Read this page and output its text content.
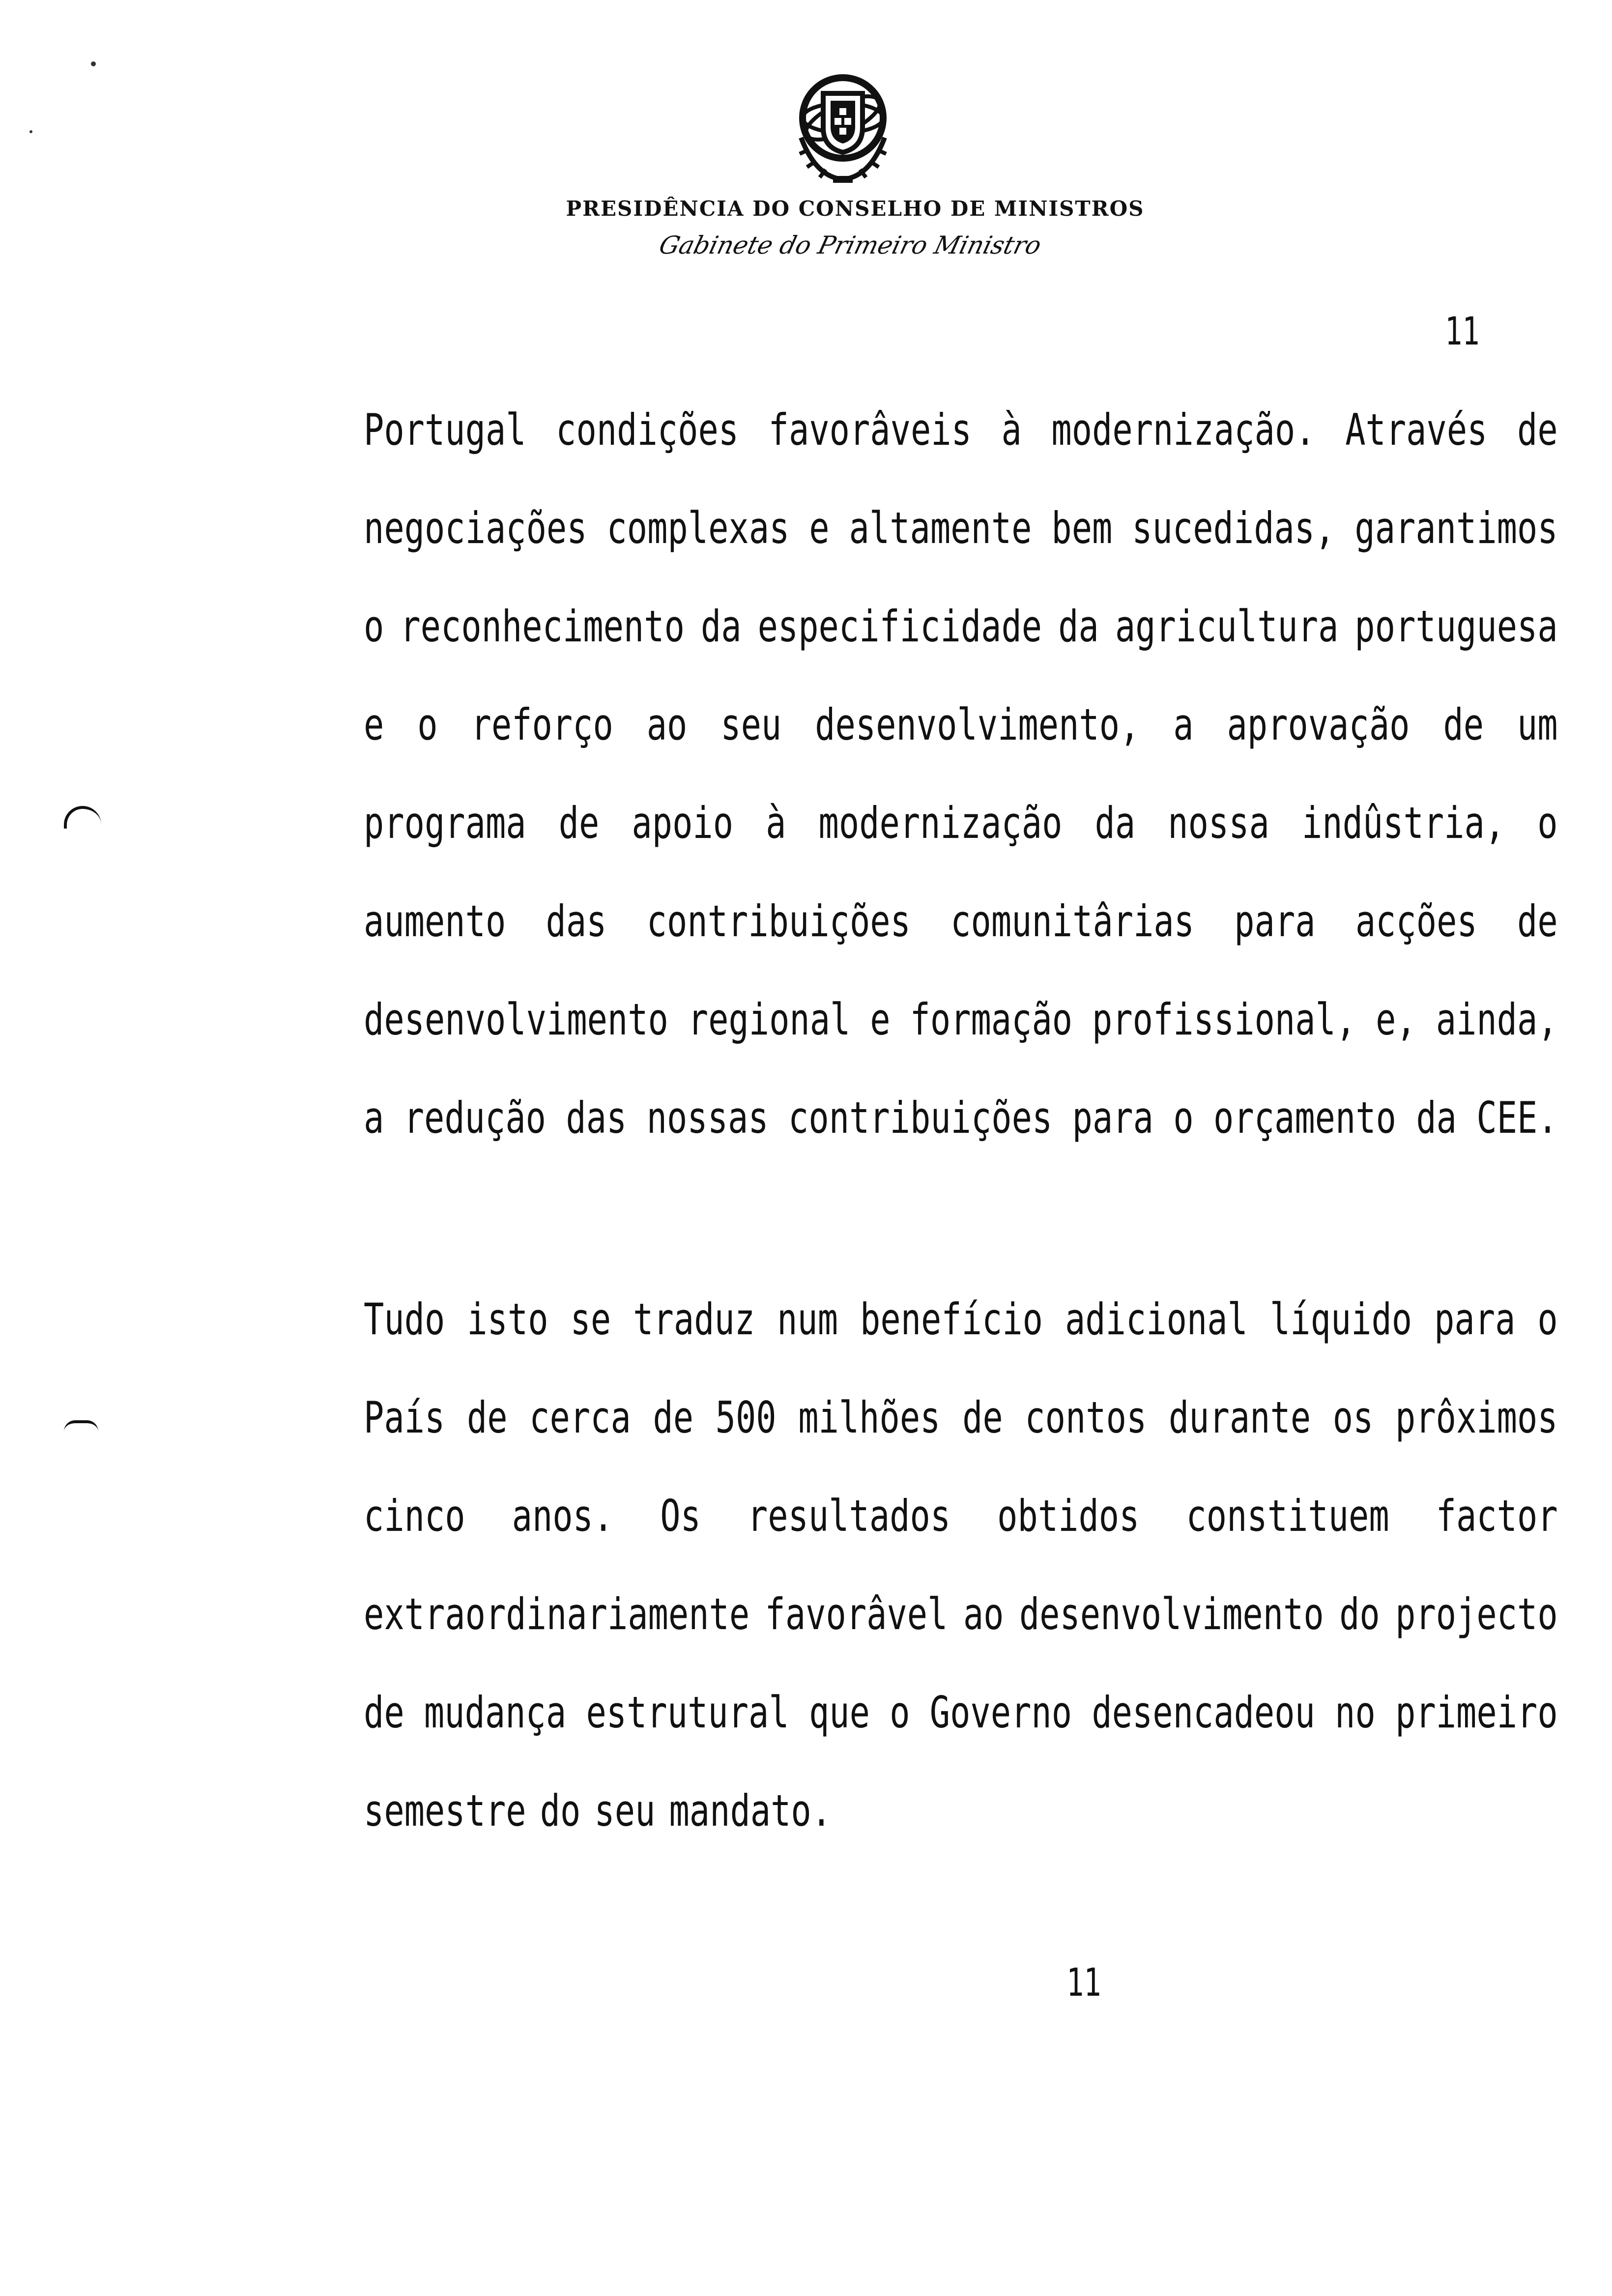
PRESIDÊNCIA DO CONSELHO DE MINISTROS
Gabinete do Primeiro Ministro
11
Portugal condições favorâveis à modernização. Através de
negociações complexas e altamente bem sucedidas, garantimos
o reconhecimento da especificidade da agricultura portuguesa
e o reforço ao seu desenvolvimento, a aprovação de um
programa de apoio à modernização da nossa indûstria, o
aumento das contribuições comunitârias para acções de
desenvolvimento regional e formação profissional, e, ainda,
a redução das nossas contribuições para o orçamento da CEE.
Tudo isto se traduz num benefício adicional líquido para o
País de cerca de 500 milhões de contos durante os prôximos
cinco anos. Os resultados obtidos constituem factor
extraordinariamente favorâvel ao desenvolvimento do projecto
de mudança estrutural que o Governo desencadeou no primeiro
semestre do seu mandato.
11
